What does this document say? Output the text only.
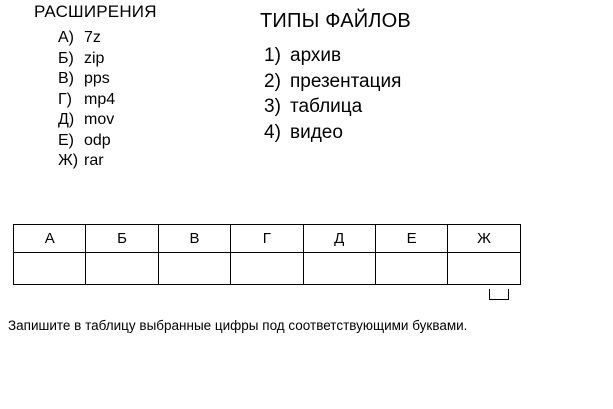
РАСШИРЕНИЯ
А) 7z
Б) zip
В) pps
Г) mp4
Д) mov
Е) odp
Ж) rar
ТИПЫ ФАЙЛОВ
1) архив
2) презентация
3) таблица
4) видео
А	Б	В	Г	Д	Е	Ж

Запишите в таблицу выбранные цифры под соответствующими буквами.
